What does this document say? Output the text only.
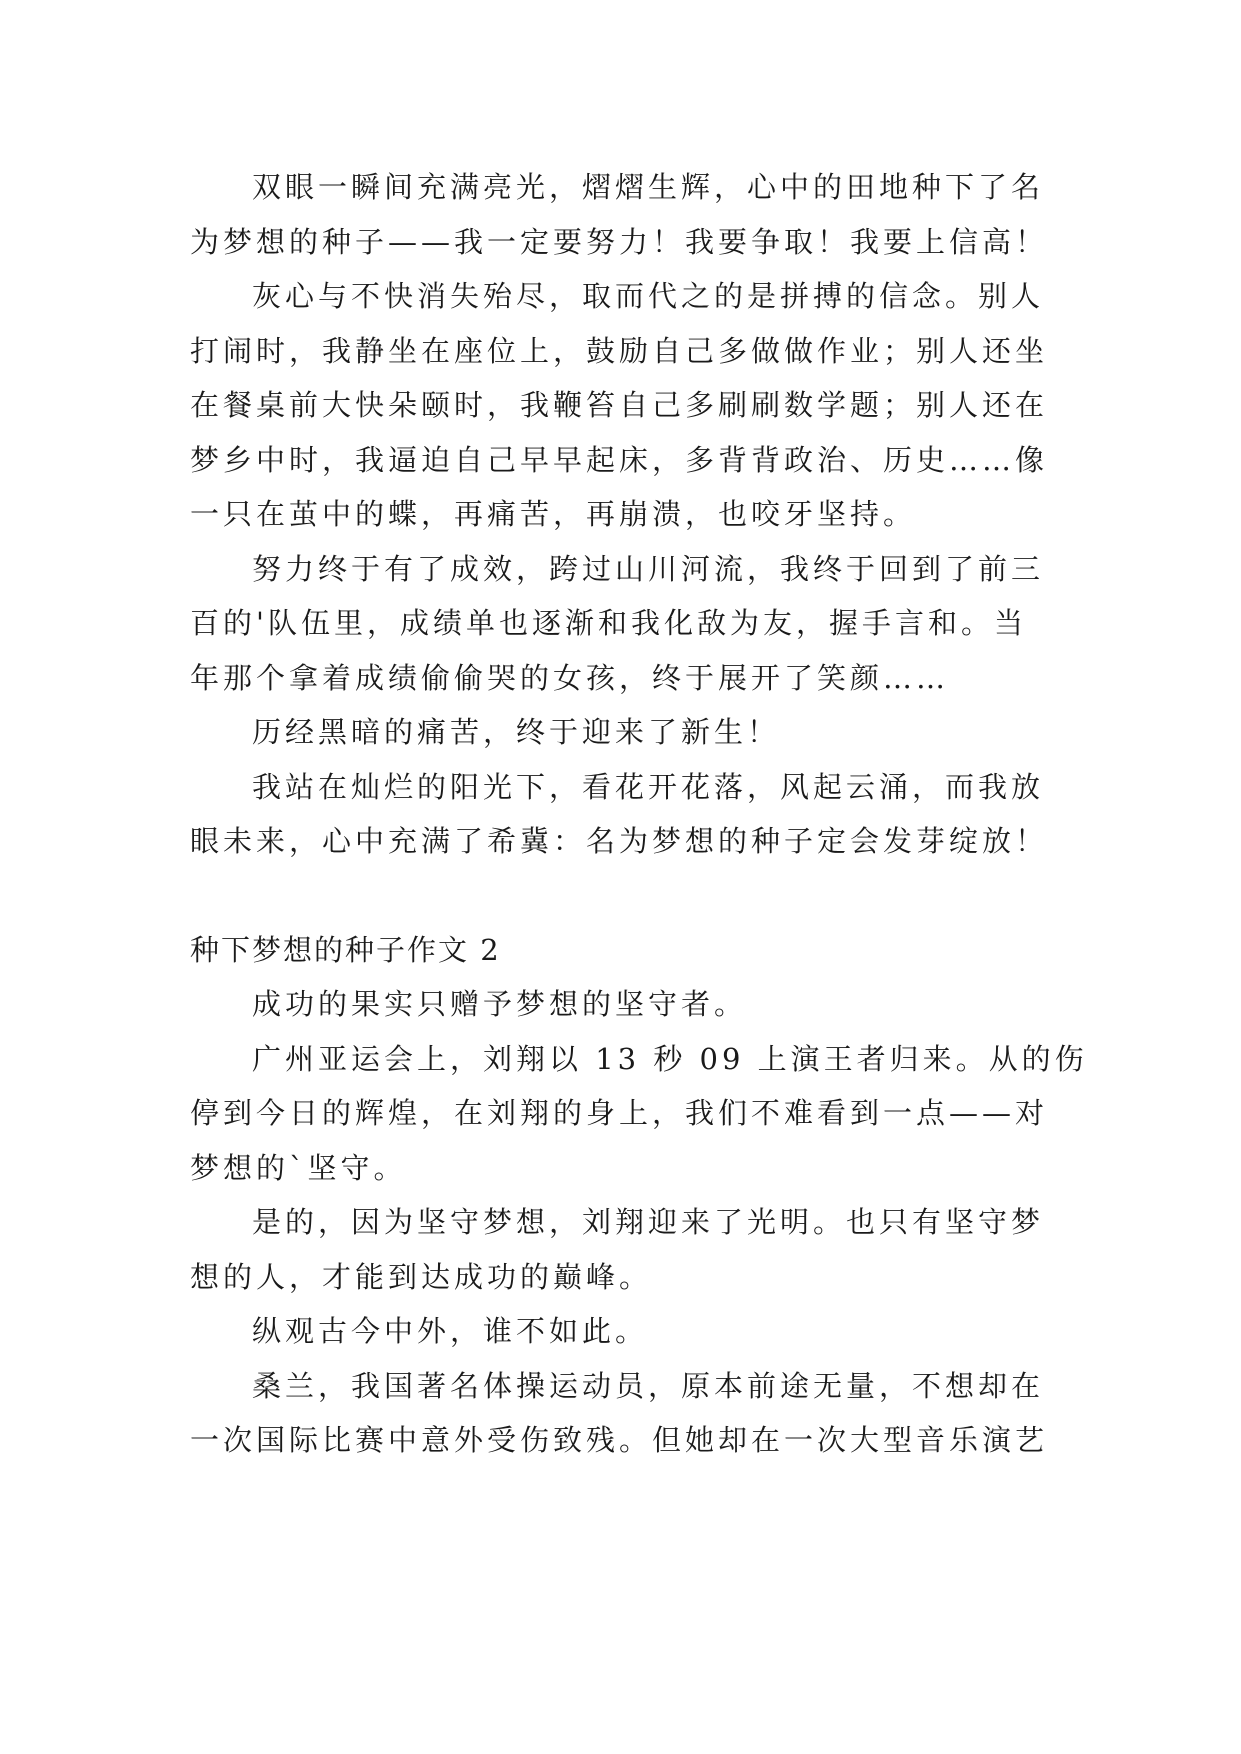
双眼一瞬间充满亮光，熠熠生辉，心中的田地种下了名
为梦想的种子——我一定要努力！我要争取！我要上信高！
灰心与不快消失殆尽，取而代之的是拼搏的信念。别人
打闹时，我静坐在座位上，鼓励自己多做做作业；别人还坐
在餐桌前大快朵颐时，我鞭笞自己多刷刷数学题；别人还在
梦乡中时，我逼迫自己早早起床，多背背政治、历史……像
一只在茧中的蝶，再痛苦，再崩溃，也咬牙坚持。
努力终于有了成效，跨过山川河流，我终于回到了前三
百的'队伍里，成绩单也逐渐和我化敌为友，握手言和。当
年那个拿着成绩偷偷哭的女孩，终于展开了笑颜……
历经黑暗的痛苦，终于迎来了新生！
我站在灿烂的阳光下，看花开花落，风起云涌，而我放
眼未来，心中充满了希冀：名为梦想的种子定会发芽绽放！
种下梦想的种子作文 2
成功的果实只赠予梦想的坚守者。
广州亚运会上，刘翔以 13 秒 09 上演王者归来。从的伤
停到今日的辉煌，在刘翔的身上，我们不难看到一点——对
梦想的`坚守。
是的，因为坚守梦想，刘翔迎来了光明。也只有坚守梦
想的人，才能到达成功的巅峰。
纵观古今中外，谁不如此。
桑兰，我国著名体操运动员，原本前途无量，不想却在
一次国际比赛中意外受伤致残。但她却在一次大型音乐演艺
